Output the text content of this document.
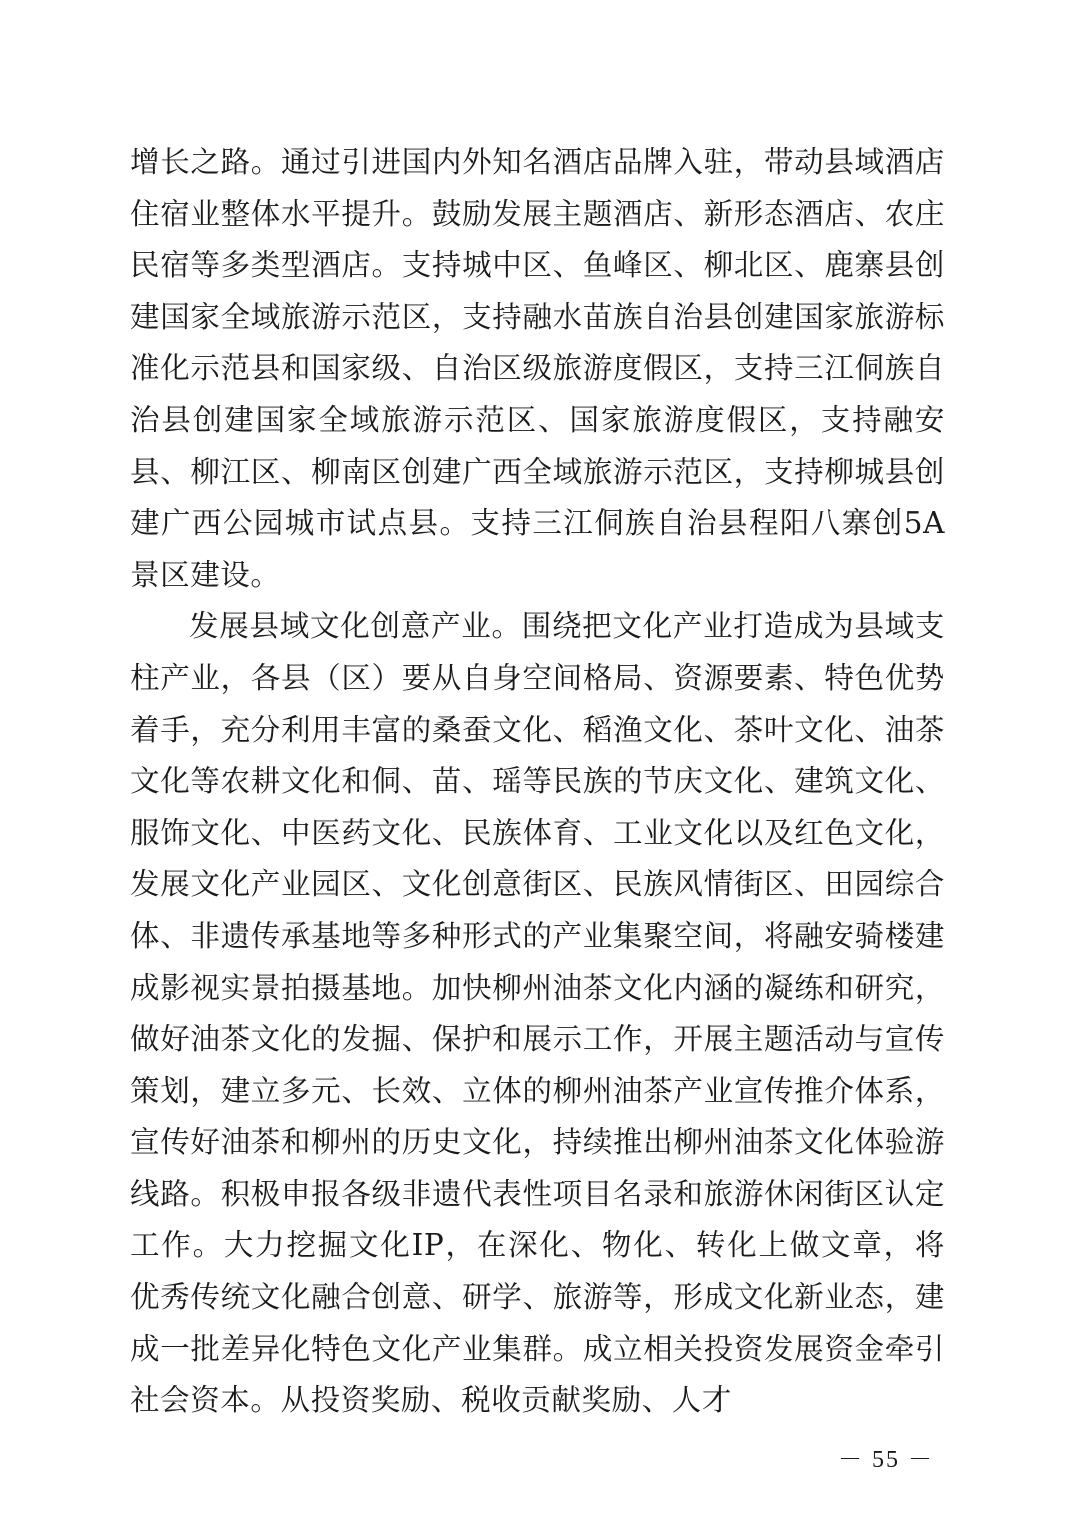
增长之路。通过引进国内外知名酒店品牌入驻，带动县域酒店住宿业整体水平提升。鼓励发展主题酒店、新形态酒店、农庄民宿等多类型酒店。支持城中区、鱼峰区、柳北区、鹿寨县创建国家全域旅游示范区，支持融水苗族自治县创建国家旅游标准化示范县和国家级、自治区级旅游度假区，支持三江侗族自治县创建国家全域旅游示范区、国家旅游度假区，支持融安县、柳江区、柳南区创建广西全域旅游示范区，支持柳城县创建广西公园城市试点县。支持三江侗族自治县程阳八寨创5A景区建设。

发展县域文化创意产业。围绕把文化产业打造成为县域支柱产业，各县（区）要从自身空间格局、资源要素、特色优势着手，充分利用丰富的桑蚕文化、稻渔文化、茶叶文化、油茶文化等农耕文化和侗、苗、瑶等民族的节庆文化、建筑文化、服饰文化、中医药文化、民族体育、工业文化以及红色文化，发展文化产业园区、文化创意街区、民族风情街区、田园综合体、非遗传承基地等多种形式的产业集聚空间，将融安骑楼建成影视实景拍摄基地。加快柳州油茶文化内涵的凝练和研究，做好油茶文化的发掘、保护和展示工作，开展主题活动与宣传策划，建立多元、长效、立体的柳州油茶产业宣传推介体系，宣传好油茶和柳州的历史文化，持续推出柳州油茶文化体验游线路。积极申报各级非遗代表性项目名录和旅游休闲街区认定工作。大力挖掘文化IP，在深化、物化、转化上做文章，将优秀传统文化融合创意、研学、旅游等，形成文化新业态，建成一批差异化特色文化产业集群。成立相关投资发展资金牵引社会资本。从投资奖励、税收贡献奖励、人才

－ 55 －
